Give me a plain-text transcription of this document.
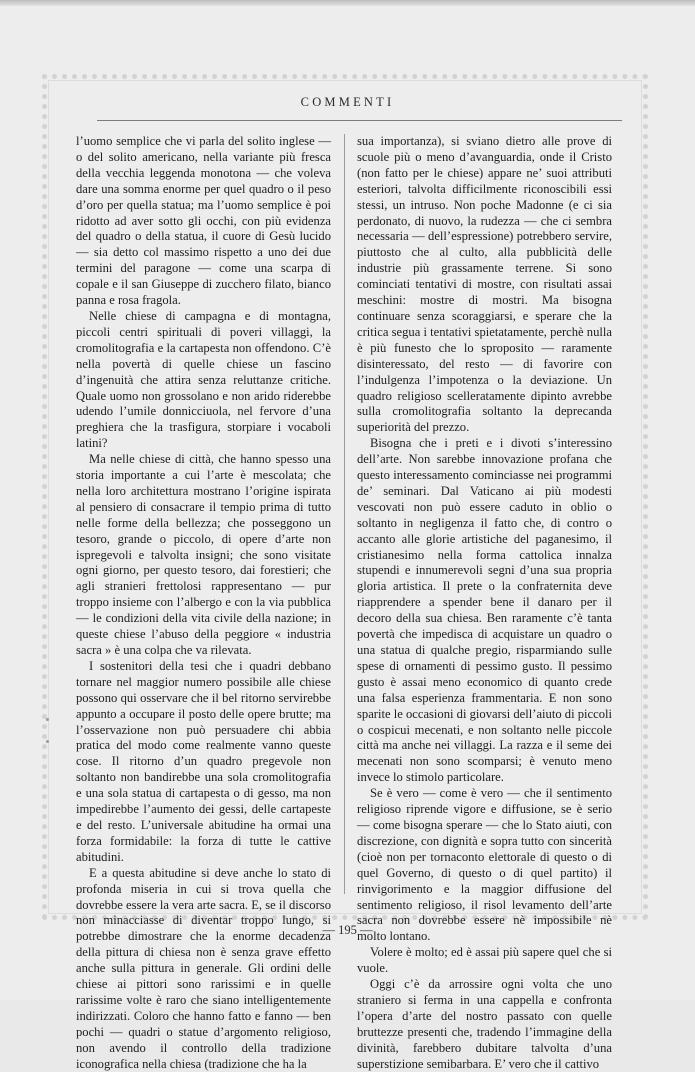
COMMENTI

l’uomo semplice che vi parla del solito inglese — o del solito americano, nella variante più fresca della vecchia leggenda monotona — che voleva dare una somma enorme per quel quadro o il peso d’oro per quella statua; ma l’uomo semplice è poi ridotto ad aver sotto gli occhi, con più evidenza del quadro o della statua, il cuore di Gesù lucido — sia detto col massimo rispetto a uno dei due termini del paragone — come una scarpa di copale e il san Giuseppe di zucchero filato, bianco panna e rosa fragola.

Nelle chiese di campagna e di montagna, piccoli centri spirituali di poveri villaggi, la cromolitografia e la cartapesta non offendono. C’è nella povertà di quelle chiese un fascino d’ingenuità che attira senza reluttanze critiche. Quale uomo non grossolano e non arido riderebbe udendo l’umile donnicciuola, nel fervore d’una preghiera che la trasfigura, storpiare i vocaboli latini?

Ma nelle chiese di città, che hanno spesso una storia importante a cui l’arte è mescolata; che nella loro architettura mostrano l’origine ispirata al pensiero di consacrare il tempio prima di tutto nelle forme della bellezza; che posseggono un tesoro, grande o piccolo, di opere d’arte non ispregevoli e talvolta insigni; che sono visitate ogni giorno, per questo tesoro, dai forestieri; che agli stranieri frettolosi rappresentano — pur troppo insieme con l’albergo e con la via pubblica — le condizioni della vita civile della nazione; in queste chiese l’abuso della peggiore « industria sacra » è una colpa che va rilevata.

I sostenitori della tesi che i quadri debbano tornare nel maggior numero possibile alle chiese possono qui osservare che il bel ritorno servirebbe appunto a occupare il posto delle opere brutte; ma l’osservazione non può persuadere chi abbia pratica del modo come realmente vanno queste cose. Il ritorno d’un quadro pregevole non soltanto non bandirebbe una sola cromolitografia e una sola statua di cartapesta o di gesso, ma non impedirebbe l’aumento dei gessi, delle cartapeste e del resto. L’universale abitudine ha ormai una forza formidabile: la forza di tutte le cattive abitudini.

E a questa abitudine si deve anche lo stato di profonda miseria in cui si trova quella che dovrebbe essere la vera arte sacra. E, se il discorso non minacciasse di diventar troppo lungo, si potrebbe dimostrare che la enorme decadenza della pittura di chiesa non è senza grave effetto anche sulla pittura in generale. Gli ordini delle chiese ai pittori sono rarissimi e in quelle rarissime volte è raro che siano intelligentemente indirizzati. Coloro che hanno fatto e fanno — ben pochi — quadri o statue d’argomento religioso, non avendo il controllo della tradizione iconografica nella chiesa (tradizione che ha la

sua importanza), si sviano dietro alle prove di scuole più o meno d’avanguardia, onde il Cristo (non fatto per le chiese) appare ne’ suoi attributi esteriori, talvolta difficilmente riconoscibili essi stessi, un intruso. Non poche Madonne (e ci sia perdonato, di nuovo, la rudezza — che ci sembra necessaria — dell’espressione) potrebbero servire, piuttosto che al culto, alla pubblicità delle industrie più grassamente terrene. Si sono cominciati tentativi di mostre, con risultati assai meschini: mostre di mostri. Ma bisogna continuare senza scoraggiarsi, e sperare che la critica segua i tentativi spietatamente, perchè nulla è più funesto che lo sproposito — raramente disinteressato, del resto — di favorire con l’indulgenza l’impotenza o la deviazione. Un quadro religioso scelleratamente dipinto avrebbe sulla cromolitografia soltanto la deprecanda superiorità del prezzo.

Bisogna che i preti e i divoti s’interessino dell’arte. Non sarebbe innovazione profana che questo interessamento cominciasse nei programmi de’ seminari. Dal Vaticano ai più modesti vescovati non può essere caduto in oblio o soltanto in negligenza il fatto che, di contro o accanto alle glorie artistiche del paganesimo, il cristianesimo nella forma cattolica innalza stupendi e innumerevoli segni d’una sua propria gloria artistica. Il prete o la confraternita deve riapprendere a spender bene il danaro per il decoro della sua chiesa. Ben raramente c’è tanta povertà che impedisca di acquistare un quadro o una statua di qualche pregio, risparmiando sulle spese di ornamenti di pessimo gusto. Il pessimo gusto è assai meno economico di quanto crede una falsa esperienza frammentaria. E non sono sparite le occasioni di giovarsi dell’aiuto di piccoli o cospicui mecenati, e non soltanto nelle piccole città ma anche nei villaggi. La razza e il seme dei mecenati non sono scomparsi; è venuto meno invece lo stimolo particolare.

Se è vero — come è vero — che il sentimento religioso riprende vigore e diffusione, se è serio — come bisogna sperare — che lo Stato aiuti, con discrezione, con dignità e sopra tutto con sincerità (cioè non per tornaconto elettorale di questo o di quel Governo, di questo o di quel partito) il rinvigorimento e la maggior diffusione del sentimento religioso, il risol levamento dell’arte sacra non dovrebbe essere nè impossibile nè molto lontano.

Volere è molto; ed è assai più sapere quel che si vuole.

Oggi c’è da arrossire ogni volta che uno straniero si ferma in una cappella e confronta l’opera d’arte del nostro passato con quelle bruttezze presenti che, tradendo l’immagine della divinità, farebbero dubitare talvolta d’una superstizione semibarbara. E’ vero che il cattivo

— 195 —
